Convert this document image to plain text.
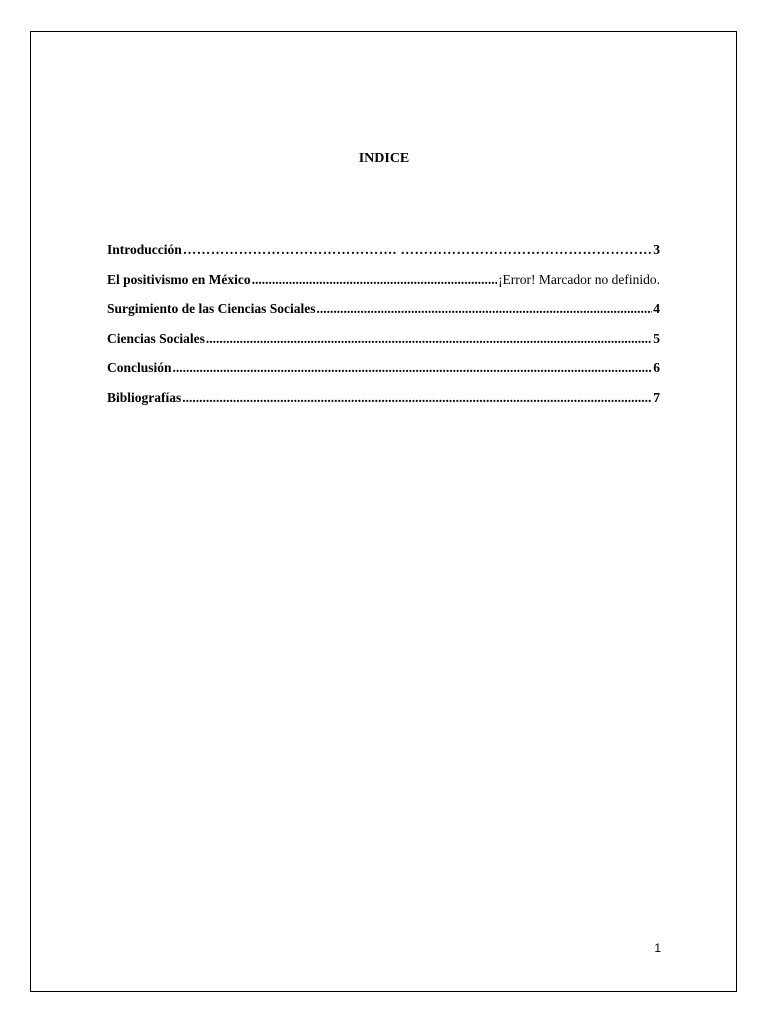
INDICE
Introducción ………………………………………. ……………………………………………………………………………………	3
El positivismo en México .....	¡Error! Marcador no definido.
Surgimiento de las Ciencias Sociales .....	4
Ciencias Sociales .....	5
Conclusión .....	6
Bibliografías .....	7
1
